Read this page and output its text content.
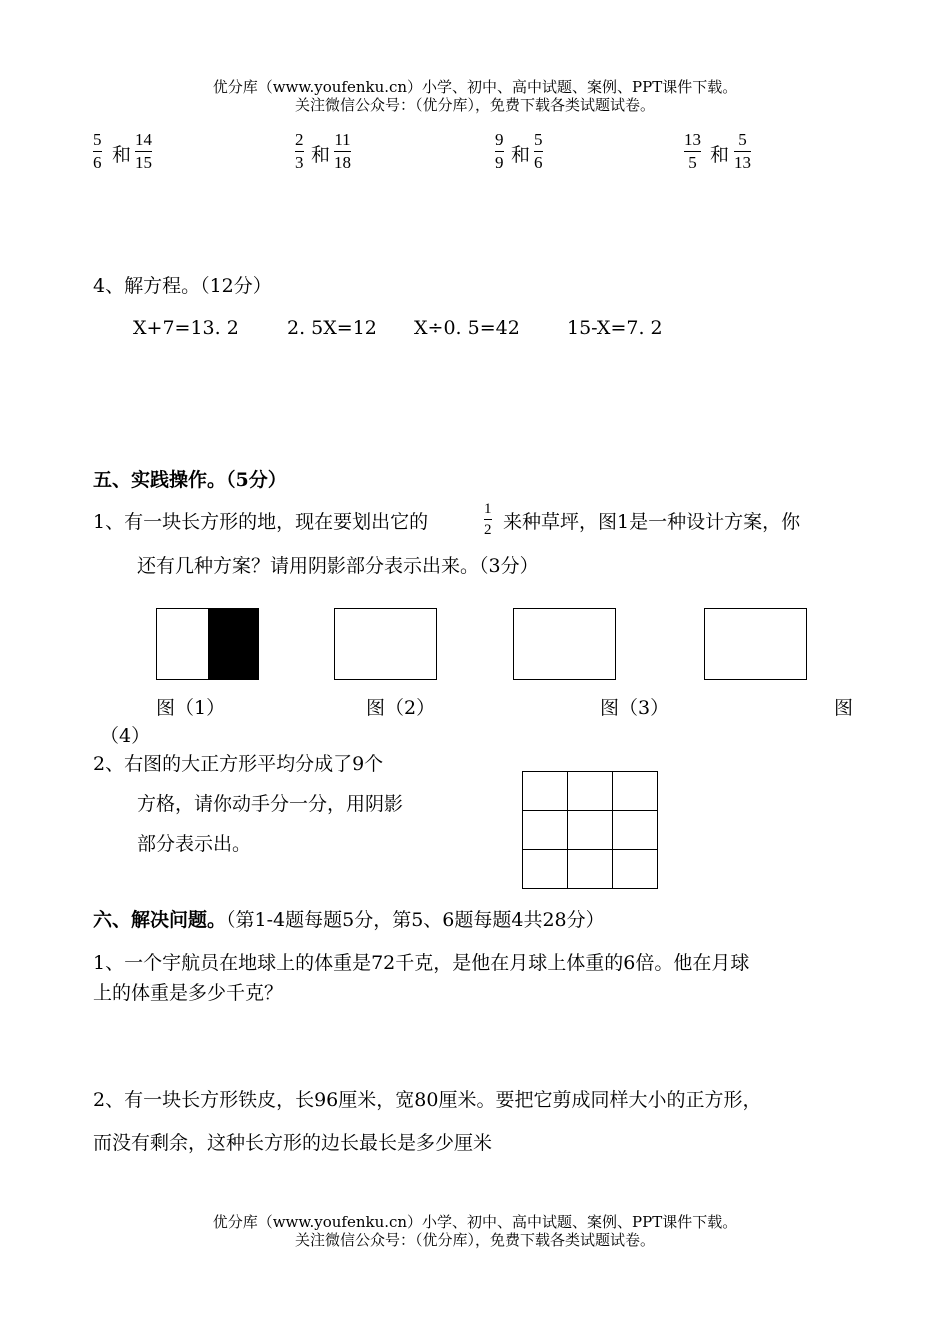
优分库（www.youfenku.cn）小学、初中、高中试题、案例、PPT课件下载。
关注微信公众号：（优分库），免费下载各类试题试卷。
5
6 和
14
15
2
3 和
11
18
9
9 和
5
6
13
5 和
5
13
4、解方程。（12分）
X+7=13. 2	2. 5X=12 X÷0. 5=42 15-X=7. 2
五、实践操作。（5分）
1、有一块长方形的地，现在要划出它的
1
2 来种草坪，图1是一种设计方案，你
还有几种方案？请用阴影部分表示出来。（3分）
图（1）	图（2）	图（3）	图
（4）
2、右图的大正方形平均分成了9个
方格，请你动手分一分，用阴影
部分表示出。

六、解决问题。（第1-4题每题5分，第5、6题每题4共28分）
1、一个宇航员在地球上的体重是72千克，是他在月球上体重的6倍。他在月球
上的体重是多少千克？
2、有一块长方形铁皮，长96厘米，宽80厘米。要把它剪成同样大小的正方形，
而没有剩余，这种长方形的边长最长是多少厘米
优分库（www.youfenku.cn）小学、初中、高中试题、案例、PPT课件下载。
关注微信公众号：（优分库），免费下载各类试题试卷。
